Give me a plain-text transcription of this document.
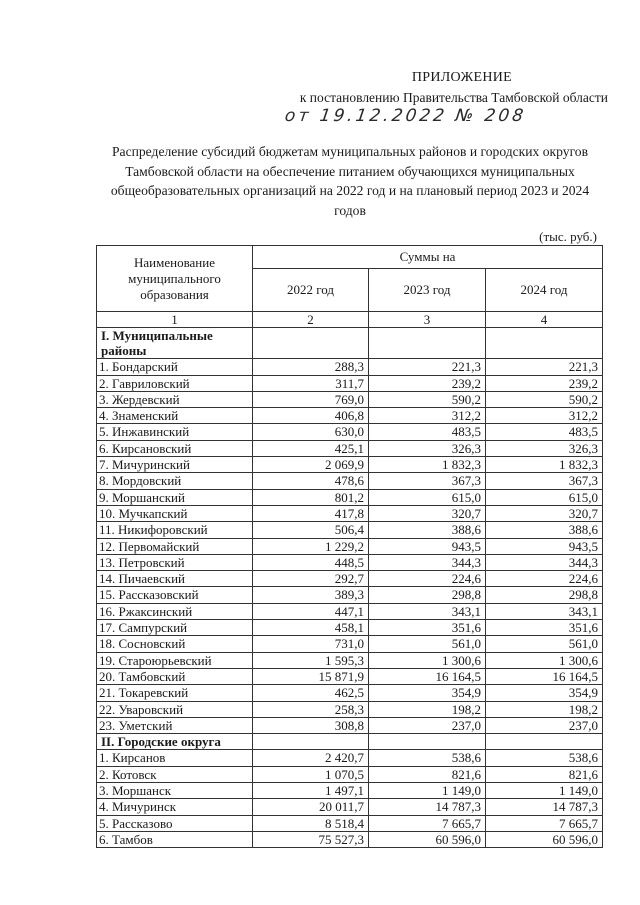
ПРИЛОЖЕНИЕ
к постановлению Правительства Тамбовской области
от 19.12.2022 № 208
Распределение субсидий бюджетам муниципальных районов и городских округов Тамбовской области на обеспечение питанием обучающихся муниципальных общеобразовательных организаций на 2022 год и на плановый период 2023 и 2024 годов
(тыс. руб.)
Наименование муниципального образования	Суммы на		
	2022 год	2023 год	2024 год
1	2	3	4
I. Муниципальные районы			
1. Бондарский	288,3	221,3	221,3
2. Гавриловский	311,7	239,2	239,2
3. Жердевский	769,0	590,2	590,2
4. Знаменский	406,8	312,2	312,2
5. Инжавинский	630,0	483,5	483,5
6. Кирсановский	425,1	326,3	326,3
7. Мичуринский	2 069,9	1 832,3	1 832,3
8. Мордовский	478,6	367,3	367,3
9. Моршанский	801,2	615,0	615,0
10. Мучкапский	417,8	320,7	320,7
11. Никифоровский	506,4	388,6	388,6
12. Первомайский	1 229,2	943,5	943,5
13. Петровский	448,5	344,3	344,3
14. Пичаевский	292,7	224,6	224,6
15. Рассказовский	389,3	298,8	298,8
16. Ржаксинский	447,1	343,1	343,1
17. Сампурский	458,1	351,6	351,6
18. Сосновский	731,0	561,0	561,0
19. Староюрьевский	1 595,3	1 300,6	1 300,6
20. Тамбовский	15 871,9	16 164,5	16 164,5
21. Токаревский	462,5	354,9	354,9
22. Уваровский	258,3	198,2	198,2
23. Уметский	308,8	237,0	237,0
II. Городские округа			
1. Кирсанов	2 420,7	538,6	538,6
2. Котовск	1 070,5	821,6	821,6
3. Моршанск	1 497,1	1 149,0	1 149,0
4. Мичуринск	20 011,7	14 787,3	14 787,3
5. Рассказово	8 518,4	7 665,7	7 665,7
6. Тамбов	75 527,3	60 596,0	60 596,0
